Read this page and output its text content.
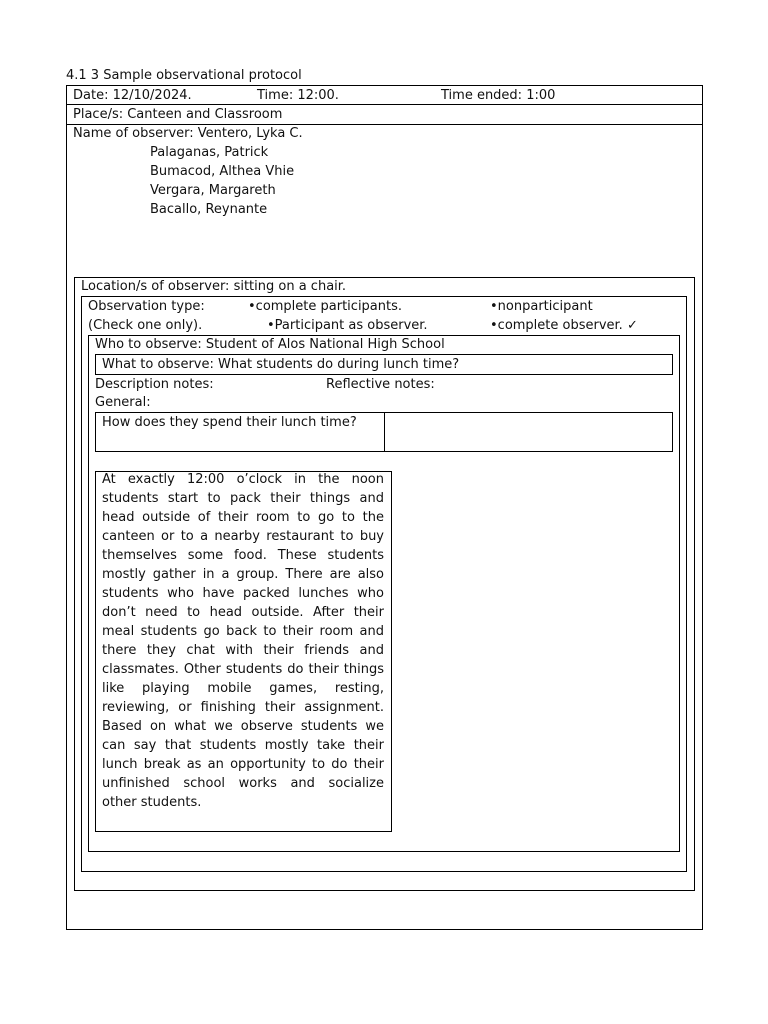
4.1 3 Sample observational protocol
Date: 12/10/2024.	Time: 12:00.	Time ended: 1:00
Place/s: Canteen and Classroom
Name of observer: Ventero, Lyka C.
Palaganas, Patrick
Bumacod, Althea Vhie
Vergara, Margareth
Bacallo, Reynante
Location/s of observer: sitting on a chair.
Observation type:	•complete participants.	•nonparticipant
(Check one only).	•Participant as observer.	•complete observer. ✓
Who to observe: Student of Alos National High School
What to observe: What students do during lunch time?
Description notes:	Reflective notes:
General:
How does they spend their lunch time?
At exactly 12:00 o’clock in the noon students start to pack their things and head outside of their room to go to the canteen or to a nearby restaurant to buy themselves some food. These students mostly gather in a group. There are also students who have packed lunches who don’t need to head outside. After their meal students go back to their room and there they chat with their friends and classmates. Other students do their things like playing mobile games, resting, reviewing, or finishing their assignment. Based on what we observe students we can say that students mostly take their lunch break as an opportunity to do their unfinished school works and socialize other students.
